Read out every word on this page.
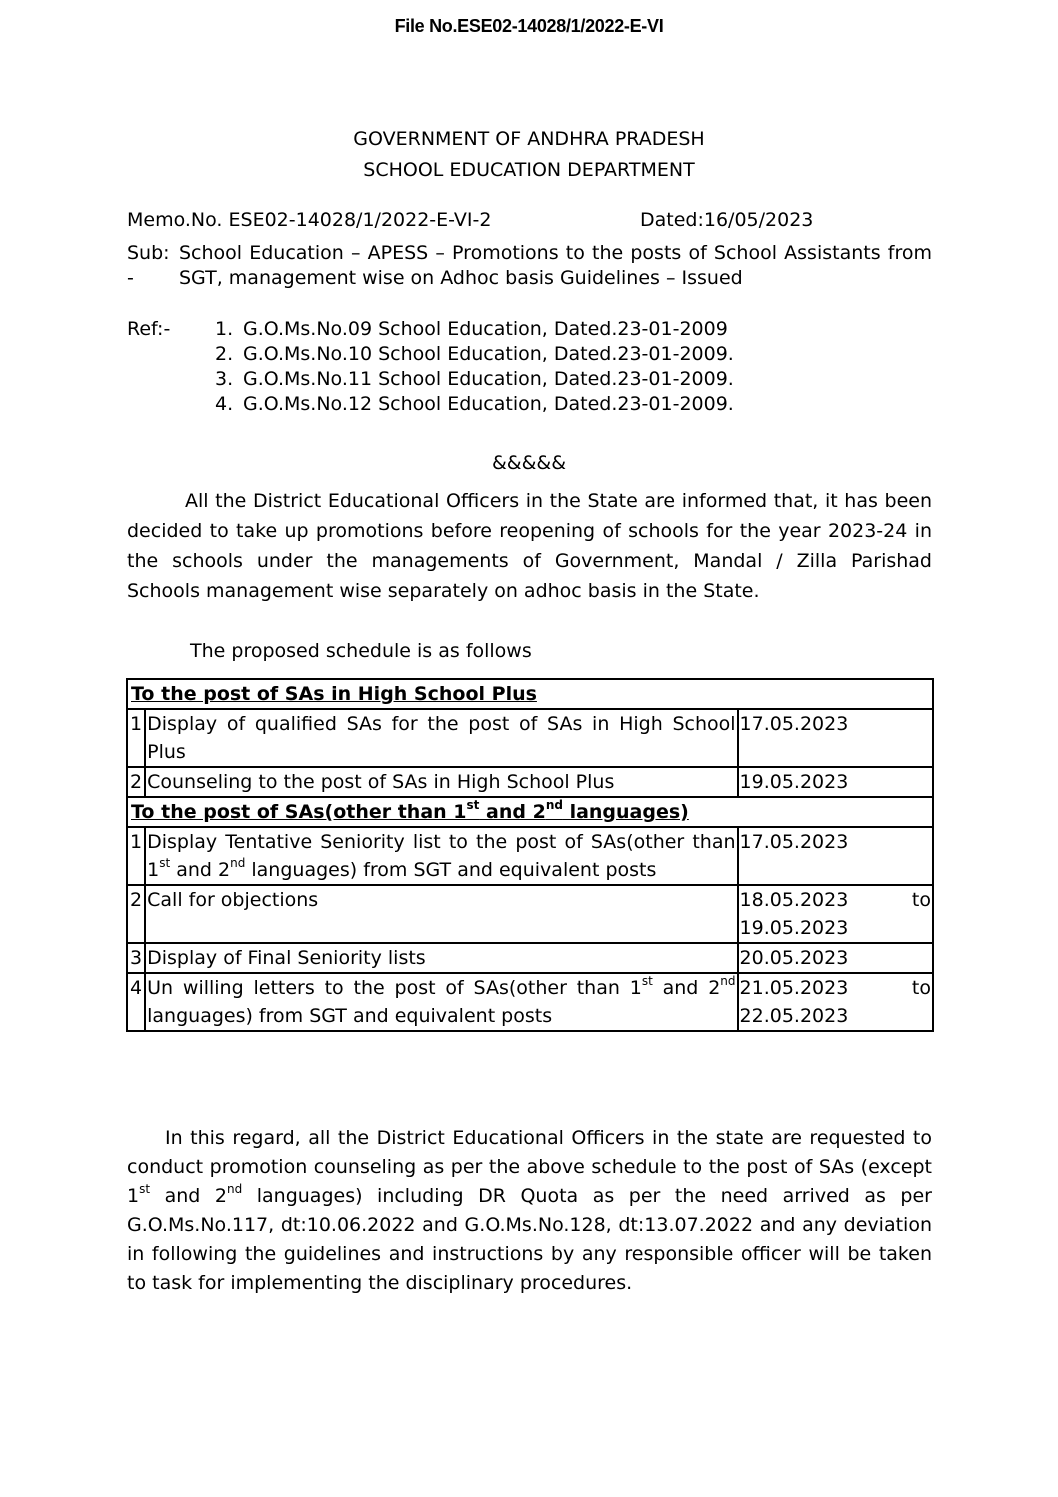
File No.ESE02-14028/1/2022-E-VI
GOVERNMENT OF ANDHRA PRADESH
SCHOOL EDUCATION DEPARTMENT
Memo.No. ESE02-14028/1/2022-E-VI-2	Dated:16/05/2023
Sub:
-
School Education – APESS – Promotions to the posts of School Assistants from SGT, management wise on Adhoc basis Guidelines – Issued
Ref:- 1. G.O.Ms.No.09 School Education, Dated.23-01-2009
2. G.O.Ms.No.10 School Education, Dated.23-01-2009.
3. G.O.Ms.No.11 School Education, Dated.23-01-2009.
4. G.O.Ms.No.12 School Education, Dated.23-01-2009.
&&&&&

All the District Educational Officers in the State are informed that, it has been decided to take up promotions before reopening of schools for the year 2023-24 in the schools under the managements of Government, Mandal / Zilla Parishad Schools management wise separately on adhoc basis in the State.

The proposed schedule is as follows
To the post of SAs in High School Plus		
1	Display of qualified SAs for the post of SAs in High School Plus	17.05.2023
2	Counseling to the post of SAs in High School Plus	19.05.2023
To the post of SAs(other than 1st and 2nd languages)		
1	Display Tentative Seniority list to the post of SAs(other than 1st and 2nd languages) from SGT and equivalent posts	17.05.2023
2	Call for objections	18.05.2023 to
19.05.2023

3	Display of Final Seniority lists	20.05.2023
4	Un willing letters to the post of SAs(other than 1st and 2nd languages) from SGT and equivalent posts	21.05.2023 to
22.05.2023

In this regard, all the District Educational Officers in the state are requested to conduct promotion counseling as per the above schedule to the post of SAs (except 1st and 2nd languages) including DR Quota as per the need arrived as per G.O.Ms.No.117, dt:10.06.2022 and G.O.Ms.No.128, dt:13.07.2022 and any deviation in following the guidelines and instructions by any responsible officer will be taken to task for implementing the disciplinary procedures.
